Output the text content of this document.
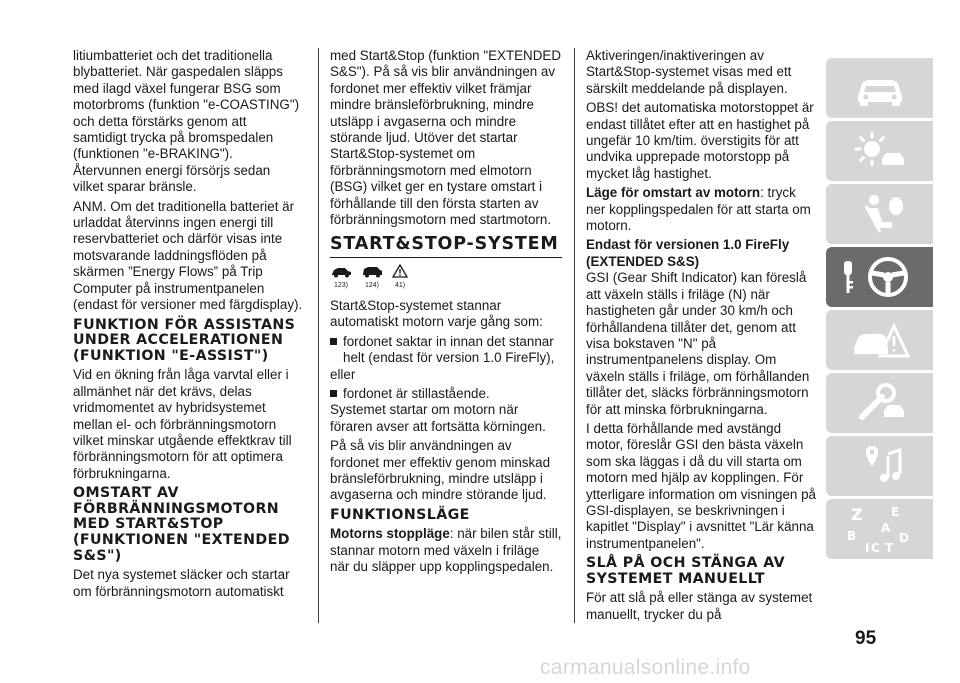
litiumbatteriet och det traditionella blybatteriet. När gaspedalen släpps med ilagd växel fungerar BSG som motorbroms (funktion "e-COASTING") och detta förstärks genom att samtidigt trycka på bromspedalen (funktionen "e-BRAKING"). Återvunnen energi försörjs sedan vilket sparar bränsle.

ANM. Om det traditionella batteriet är urladdat återvinns ingen energi till reservbatteriet och därför visas inte motsvarande laddningsflöden på skärmen ”Energy Flows” på Trip Computer på instrumentpanelen (endast för versioner med färgdisplay).

FUNKTION FÖR ASSISTANS UNDER ACCELERATIONEN (FUNKTION "E-ASSIST")

Vid en ökning från låga varvtal eller i allmänhet när det krävs, delas vridmomentet av hybridsystemet mellan el- och förbränningsmotorn vilket minskar utgående effektkrav till förbränningsmotorn för att optimera förbrukningarna.

OMSTART AV FÖRBRÄNNINGSMOTORN MED START&STOP (FUNKTIONEN "EXTENDED S&S")

Det nya systemet släcker och startar om förbränningsmotorn automatiskt

med Start&Stop (funktion "EXTENDED S&S"). På så vis blir användningen av fordonet mer effektiv vilket främjar mindre bränsleförbrukning, mindre utsläpp i avgaserna och mindre störande ljud. Utöver det startar Start&Stop-systemet om förbränningsmotorn med elmotorn (BSG) vilket ger en tystare omstart i förhållande till den första starten av förbränningsmotorn med startmotorn.

START&STOP-SYSTEM
123) 124) 41)

Start&Stop-systemet stannar automatiskt motorn varje gång som:

fordonet saktar in innan det stannar helt (endast för version 1.0 FireFly),

eller

fordonet är stillastående.

Systemet startar om motorn när föraren avser att fortsätta körningen.

På så vis blir användningen av fordonet mer effektiv genom minskad bränsleförbrukning, mindre utsläpp i avgaserna och mindre störande ljud.

FUNKTIONSLÄGE

Motorns stoppläge: när bilen står still, stannar motorn med växeln i friläge när du släpper upp kopplingspedalen.

Aktiveringen/inaktiveringen av Start&Stop-systemet visas med ett särskilt meddelande på displayen.

OBS! det automatiska motorstoppet är endast tillåtet efter att en hastighet på ungefär 10 km/tim. överstigits för att undvika upprepade motorstopp på mycket låg hastighet.

Läge för omstart av motorn: tryck ner kopplingspedalen för att starta om motorn.

Endast för versionen 1.0 FireFly (EXTENDED S&S)

GSI (Gear Shift Indicator) kan föreslå att växeln ställs i friläge (N) när hastigheten går under 30 km/h och förhållandena tillåter det, genom att visa bokstaven "N" på instrumentpanelens display. Om växeln ställs i friläge, om förhållanden tillåter det, släcks förbränningsmotorn för att minska förbrukningarna.

I detta förhållande med avstängd motor, föreslår GSI den bästa växeln som ska läggas i då du vill starta om motorn med hjälp av kopplingen. För ytterligare information om visningen på GSI-displayen, se beskrivningen i kapitlet "Display" i avsnittet "Lär känna instrumentpanelen".

SLÅ PÅ OCH STÄNGA AV SYSTEMET MANUELLT

För att slå på eller stänga av systemet manuellt, trycker du på

Z E
B
A
I C T
D
95
carmanualsonline.info
